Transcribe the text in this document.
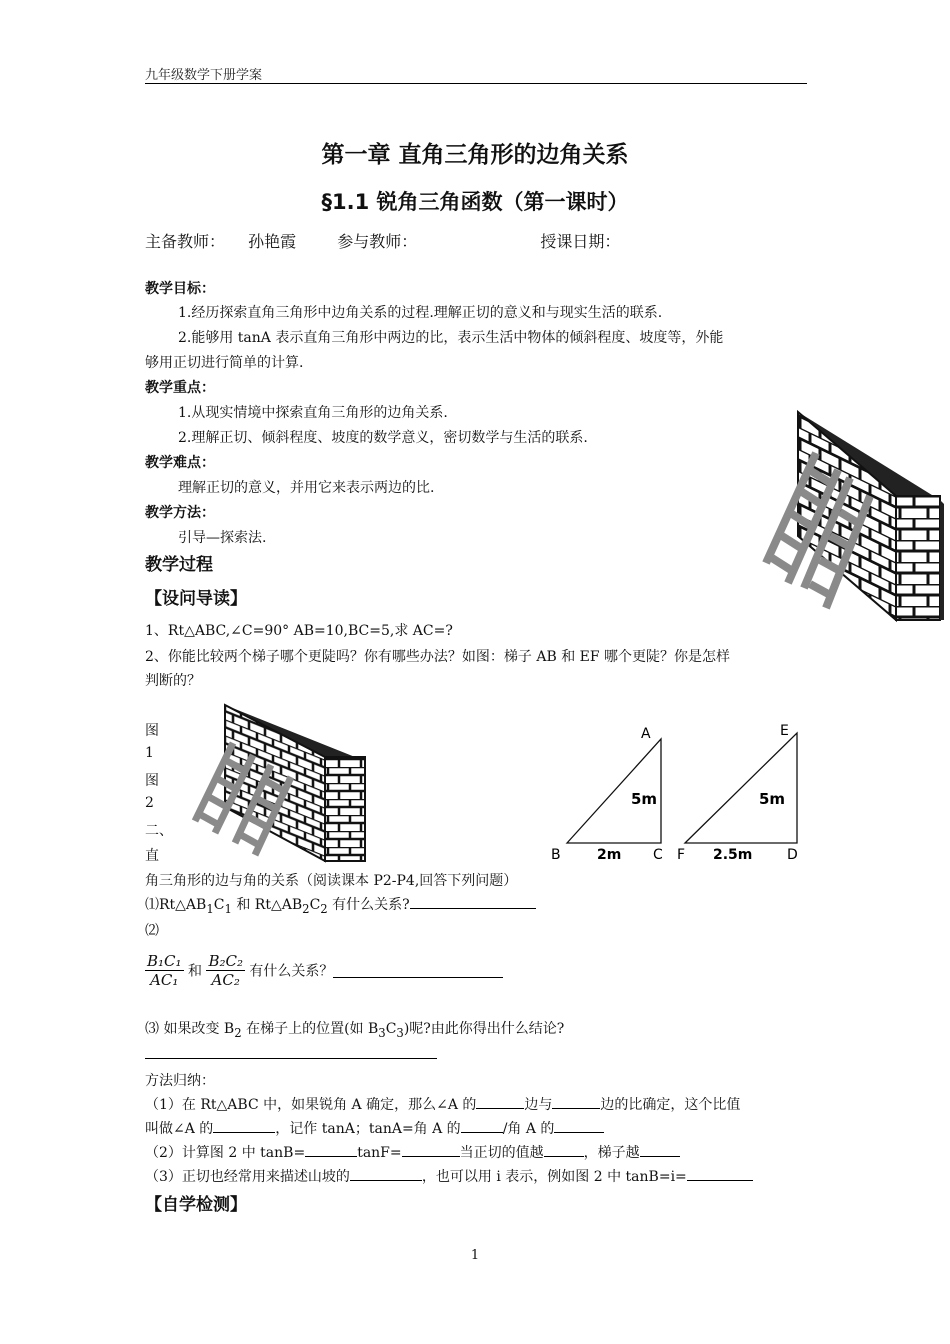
九年级数学下册学案
第一章 直角三角形的边角关系
§1.1 锐角三角函数（第一课时）
主备教师： 孙艳霞	参与教师：	授课日期：
教学目标：
1.经历探索直角三角形中边角关系的过程.理解正切的意义和与现实生活的联系.
2.能够用 tanA 表示直角三角形中两边的比，表示生活中物体的倾斜程度、坡度等，外能
够用正切进行简单的计算.
教学重点：
1.从现实情境中探索直角三角形的边角关系.
2.理解正切、倾斜程度、坡度的数学意义，密切数学与生活的联系.
教学难点：
理解正切的意义，并用它来表示两边的比.
教学方法：
引导—探索法.
教学过程
【设问导读】
1、Rt△ABC,∠C=90° AB=10,BC=5,求 AC=?
2、你能比较两个梯子哪个更陡吗？你有哪些办法？如图：梯子 AB 和 EF 哪个更陡？你是怎样
判断的？
图
1
图
2
二、
直
A
B	C
5m
2m
E
F	D
5m
2.5m
角三角形的边与角的关系（阅读课本 P2-P4,回答下列问题）
$⑴Rt\triangle AB_1C_1$ 和 $Rt\triangle AB_2C_2$ 有什么关系?
⑵
$\frac{\text{B₁C₁}}{\text{AC₁}}$ 和 $\frac{\text{B₂C₂}}{\text{AC₂}}$ 有什么关系？
⑶ 如果改变 $B_2$ 在梯子上的位置(如 $B_3C_3$)呢?由此你得出什么结论?
方法归纳：
（1）在 Rt△ABC 中，如果锐角 A 确定，那么∠A 的	边与	边的比确定，这个比值
叫做∠A 的	，记作 tanA；tanA=角 A 的	/角 A 的
（2）计算图 2 中 tanB=	tanF=	当正切的值越	，梯子越
（3）正切也经常用来描述山坡的	，也可以用 i 表示，例如图 2 中 tanB=i=
【自学检测】
1
